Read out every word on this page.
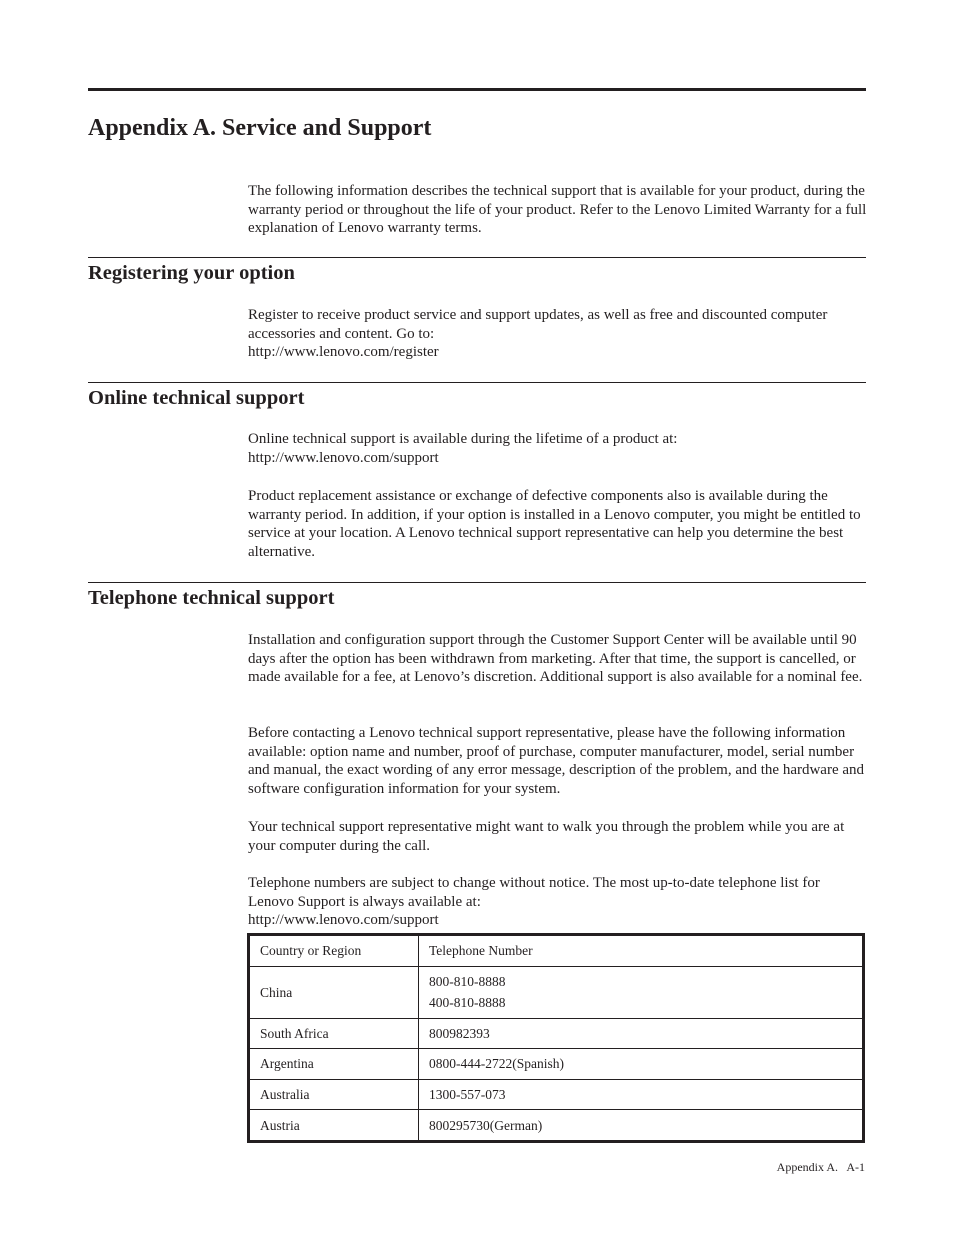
Appendix A. Service and Support

The following information describes the technical support that is available for your product, during the warranty period or throughout the life of your product. Refer to the Lenovo Limited Warranty for a full explanation of Lenovo warranty terms.

Registering your option

Register to receive product service and support updates, as well as free and discounted computer accessories and content. Go to:
http://www.lenovo.com/register

Online technical support

Online technical support is available during the lifetime of a product at:
http://www.lenovo.com/support

Product replacement assistance or exchange of defective components also is available during the warranty period. In addition, if your option is installed in a Lenovo computer, you might be entitled to service at your location. A Lenovo technical support representative can help you determine the best alternative.

Telephone technical support

Installation and configuration support through the Customer Support Center will be available until 90 days after the option has been withdrawn from marketing. After that time, the support is cancelled, or made available for a fee, at Lenovo’s discretion. Additional support is also available for a nominal fee.

Before contacting a Lenovo technical support representative, please have the following information available: option name and number, proof of purchase, computer manufacturer, model, serial number and manual, the exact wording of any error message, description of the problem, and the hardware and software configuration information for your system.

Your technical support representative might want to walk you through the problem while you are at your computer during the call.

Telephone numbers are subject to change without notice. The most up-to-date telephone list for Lenovo Support is always available at:
http://www.lenovo.com/support

Country or Region	Telephone Number
China	800-810-8888
400-810-8888

South Africa	800982393
Argentina	0800-444-2722(Spanish)
Australia	1300-557-073
Austria	800295730(German)
Appendix A.   A-1
